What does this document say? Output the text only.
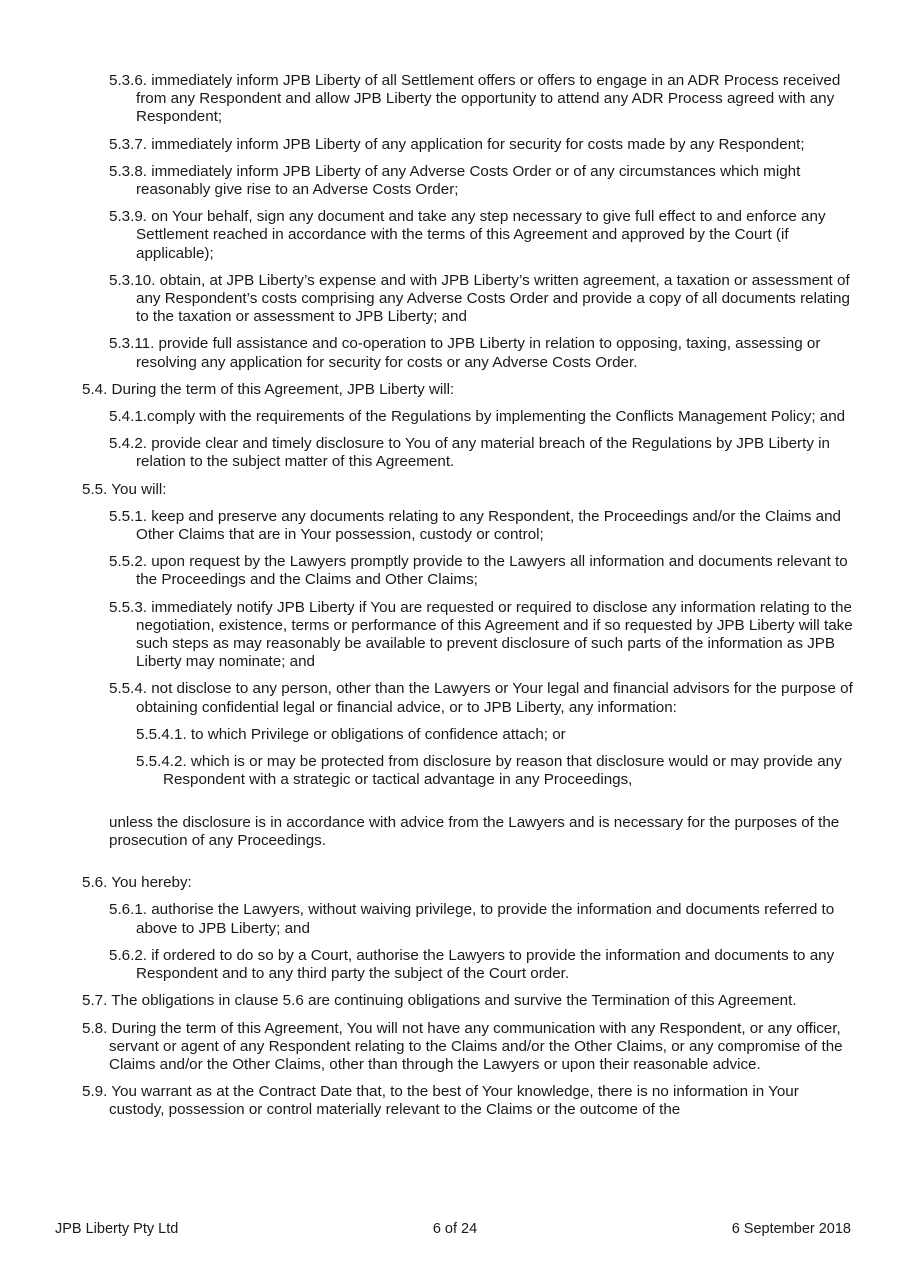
5.3.6. immediately inform JPB Liberty of all Settlement offers or offers to engage in an ADR Process received from any Respondent and allow JPB Liberty the opportunity to attend any ADR Process agreed with any Respondent;

5.3.7. immediately inform JPB Liberty of any application for security for costs made by any Respondent;

5.3.8. immediately inform JPB Liberty of any Adverse Costs Order or of any circumstances which might reasonably give rise to an Adverse Costs Order;

5.3.9. on Your behalf, sign any document and take any step necessary to give full effect to and enforce any Settlement reached in accordance with the terms of this Agreement and approved by the Court (if applicable);

5.3.10. obtain, at JPB Liberty’s expense and with JPB Liberty’s written agreement, a taxation or assessment of any Respondent’s costs comprising any Adverse Costs Order and provide a copy of all documents relating to the taxation or assessment to JPB Liberty; and

5.3.11. provide full assistance and co-operation to JPB Liberty in relation to opposing, taxing, assessing or resolving any application for security for costs or any Adverse Costs Order.

5.4. During the term of this Agreement, JPB Liberty will:

5.4.1.comply with the requirements of the Regulations by implementing the Conflicts Management Policy; and

5.4.2. provide clear and timely disclosure to You of any material breach of the Regulations by JPB Liberty in relation to the subject matter of this Agreement.

5.5. You will:

5.5.1. keep and preserve any documents relating to any Respondent, the Proceedings and/or the Claims and Other Claims that are in Your possession, custody or control;

5.5.2. upon request by the Lawyers promptly provide to the Lawyers all information and documents relevant to the Proceedings and the Claims and Other Claims;

5.5.3. immediately notify JPB Liberty if You are requested or required to disclose any information relating to the negotiation, existence, terms or performance of this Agreement and if so requested by JPB Liberty will take such steps as may reasonably be available to prevent disclosure of such parts of the information as JPB Liberty may nominate; and

5.5.4. not disclose to any person, other than the Lawyers or Your legal and financial advisors for the purpose of obtaining confidential legal or financial advice, or to JPB Liberty, any information:

5.5.4.1. to which Privilege or obligations of confidence attach; or

5.5.4.2. which is or may be protected from disclosure by reason that disclosure would or may provide any Respondent with a strategic or tactical advantage in any Proceedings,

unless the disclosure is in accordance with advice from the Lawyers and is necessary for the purposes of the prosecution of any Proceedings.

5.6. You hereby:

5.6.1. authorise the Lawyers, without waiving privilege, to provide the information and documents referred to above to JPB Liberty; and

5.6.2. if ordered to do so by a Court, authorise the Lawyers to provide the information and documents to any Respondent and to any third party the subject of the Court order.

5.7. The obligations in clause 5.6 are continuing obligations and survive the Termination of this Agreement.

5.8. During the term of this Agreement, You will not have any communication with any Respondent, or any officer, servant or agent of any Respondent relating to the Claims and/or the Other Claims, or any compromise of the Claims and/or the Other Claims, other than through the Lawyers or upon their reasonable advice.

5.9. You warrant as at the Contract Date that, to the best of Your knowledge, there is no information in Your custody, possession or control materially relevant to the Claims or the outcome of the

JPB Liberty Pty Ltd	6 of 24	6 September 2018
